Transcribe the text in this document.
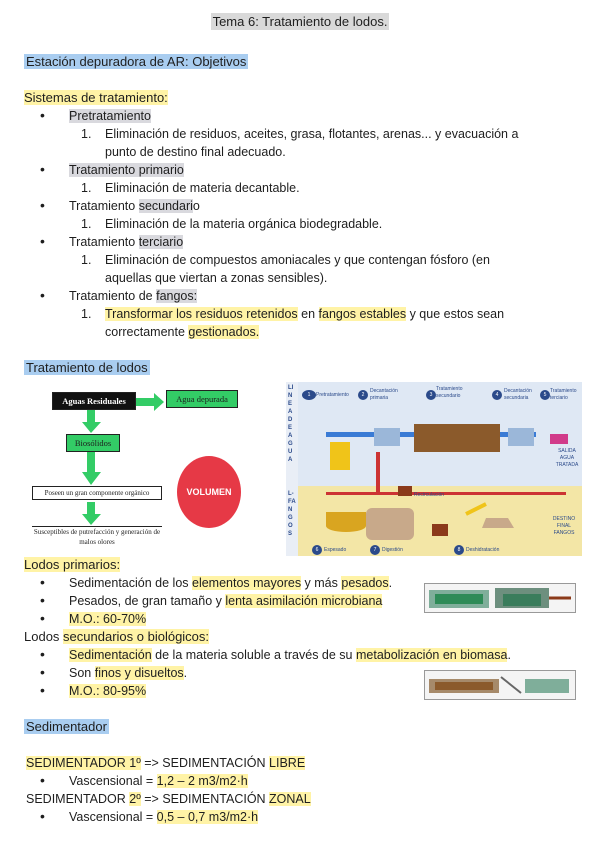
Tema 6: Tratamiento de lodos.
Estación depuradora de AR: Objetivos
Sistemas de tratamiento:
• Pretratamiento
1. Eliminación de residuos, aceites, grasa, flotantes, arenas... y evacuación a
punto de destino final adecuado.
• Tratamiento primario
1. Eliminación de materia decantable.
• Tratamiento secundario
1. Eliminación de la materia orgánica biodegradable.
• Tratamiento terciario
1. Eliminación de compuestos amoniacales y que contengan fósforo (en
aquellas que viertan a zonas sensibles).
• Tratamiento de fangos:
1. Transformar los residuos retenidos en fangos estables y que estos sean
correctamente gestionados.
Tratamiento de lodos
Aguas Residuales	Agua depurada
Biosólidos
Poseen un gran componente orgánico
Susceptibles de putrefacción y generación de malos olores
VOLUMEN
LINEA DE AGUA
L-FANGOS
1	Pretratamiento	2
Decantación primaria	3
Tratamiento secundario	4
Decantación secundaria	5
Tratamiento terciario
SALIDA AGUA TRATADA
Recirculación
DESTINO FINAL FANGOS
6	Espesado	7	Digestión	8	Deshidratación
Lodos primarios:
• Sedimentación de los elementos mayores y más pesados.
• Pesados, de gran tamaño y lenta asimilación microbiana
• M.O.: 60-70%
Lodos secundarios o biológicos:
• Sedimentación de la materia soluble a través de su metabolización en biomasa.
• Son finos y disueltos.
• M.O.: 80-95%
Sedimentador
SEDIMENTADOR 1º => SEDIMENTACIÓN LIBRE
• Vascensional = 1,2 – 2 m3/m2·h
SEDIMENTADOR 2º => SEDIMENTACIÓN ZONAL
• Vascensional = 0,5 – 0,7 m3/m2·h
